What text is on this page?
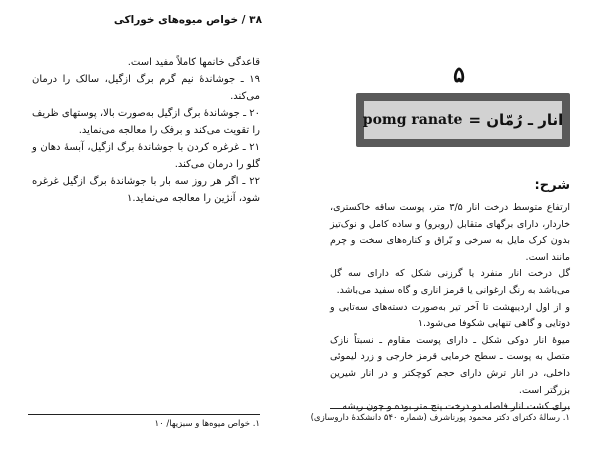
۳۸ / خواص میوه‌های خوراکی

قاعدگی خانمها کاملاً مفید است.

۱۹ ـ جوشاندهٔ نیم گرم برگ ازگیل، سالک را درمان می‌کند.

۲۰ ـ جوشاندهٔ برگ ازگیل به‌صورت بالا، پوستهای ظریف را تقویت می‌کند و برفک را معالجه می‌نماید.

۲۱ ـ غرغره کردن با جوشاندهٔ برگ ازگیل، آبسهٔ دهان و گلو را درمان می‌کند.

۲۲ ـ اگر هر روز سه بار با جوشاندهٔ برگ ازگیل غرغره شود، آنژین را معالجه می‌نماید.۱

۱. خواص میوه‌ها و سبزیها/ ۱۰
۵
pomg ranate انار ـ رُمّان =
شرح:

ارتفاع متوسط درخت انار ۳/۵ متر، پوست ساقه خاکستری، خاردار، دارای برگهای متقابل (روبرو) و ساده کامل و نوک‌تیز بدون کرک مایل به سرخی و بّراق و کناره‌های سخت و چرم مانند است.

گل درخت انار منفرد یا گرزنی شکل که دارای سه گل می‌باشد به رنگ ارغوانی یا قرمز اناری و گاه سفید می‌باشد.

و از اول اردیبهشت تا آخر تیر به‌صورت دسته‌های سه‌تایی و دوتایی و گاهی تنهایی شکوفا می‌شود.۱

میوهٔ انار دوکی شکل ـ دارای پوست مقاوم ـ نسبتاً نازک متصل به پوست ـ سطح خرمایی قرمز خارجی و زرد لیموئی داخلی، در انار ترش دارای حجم کوچکتر و در انار شیرین بزرگتر است.

برای کشت انار فاصله دو درخت پنج متر بوده و چون ریشه

۱. رسالهٔ دکترای دکتر محمود پورناشرف (شماره ۵۴۰ دانشکدهٔ داروسازی)
